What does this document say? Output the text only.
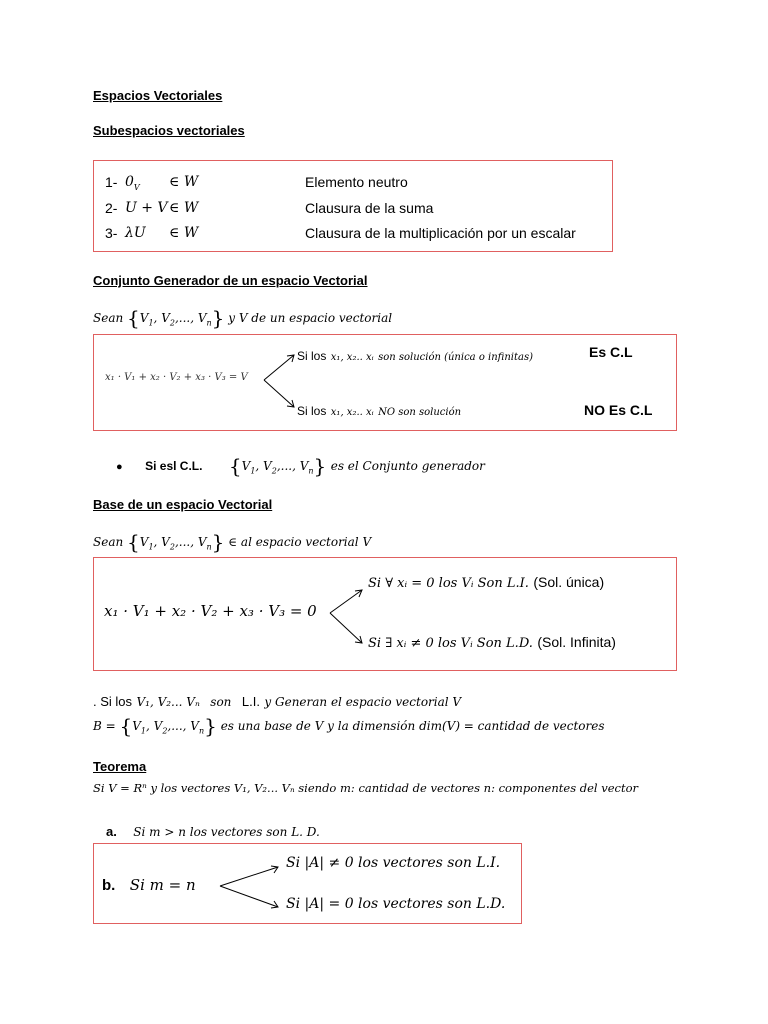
Espacios Vectoriales
Subespacios vectoriales
1- $0_V$ ∈ W	Elemento neutro
2- U + V ∈ W	Clausura de la suma
3- λU ∈ W	Clausura de la multiplicación por un escalar
Conjunto Generador de un espacio Vectorial
Sean {$V_1$, $V_2$,..., $V_n$} y V de un espacio vectorial
x₁ · V₁ + x₂ · V₂ + x₃ · V₃ = V
Si los x₁, x₂.. xᵢ son solución (única o infinitas)	Es C.L
Si los x₁, x₂.. xᵢ NO son solución	NO Es C.L
● Si esl C.L. {$V_1$, $V_2$,..., $V_n$} es el Conjunto generador
Base de un espacio Vectorial
Sean {$V_1$, $V_2$,..., $V_n$} ∈ al espacio vectorial V
x₁ · V₁ + x₂ · V₂ + x₃ · V₃ = 0
Si ∀ xᵢ = 0 los Vᵢ Son L.I. (Sol. única)
Si ∃ xᵢ ≠ 0 los Vᵢ Son L.D. (Sol. Infinita)
. Si los V₁, V₂... Vₙ son L.I. y Generan el espacio vectorial V
$B = \{V_1$, $V_2$,..., $V_n$} es una base de V y la dimensión dim(V) = cantidad de vectores
Teorema
Si V = Rⁿ y los vectores V₁, V₂... Vₙ siendo m: cantidad de vectores n: componentes del vector
a. Si m > n los vectores son L. D.
b. Si m = n
Si |A| ≠ 0 los vectores son L.I.
Si |A| = 0 los vectores son L.D.
